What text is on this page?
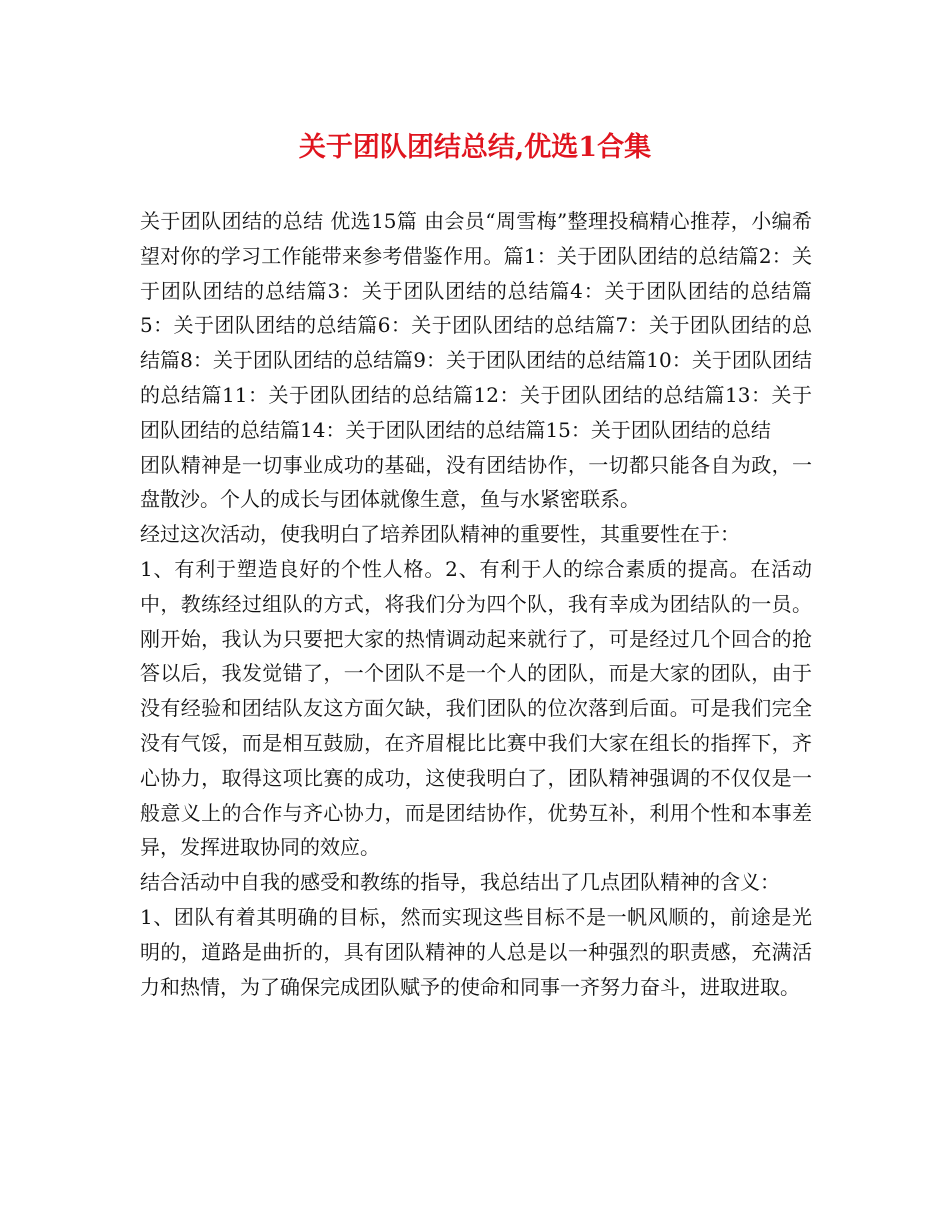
关于团队团结总结,优选1合集

关于团队团结的总结 优选15篇 由会员“周雪梅”整理投稿精心推荐，小编希望对你的学习工作能带来参考借鉴作用。篇1：关于团队团结的总结篇2：关于团队团结的总结篇3：关于团队团结的总结篇4：关于团队团结的总结篇5：关于团队团结的总结篇6：关于团队团结的总结篇7：关于团队团结的总结篇8：关于团队团结的总结篇9：关于团队团结的总结篇10：关于团队团结的总结篇11：关于团队团结的总结篇12：关于团队团结的总结篇13：关于团队团结的总结篇14：关于团队团结的总结篇15：关于团队团结的总结

团队精神是一切事业成功的基础，没有团结协作，一切都只能各自为政，一盘散沙。个人的成长与团体就像生意，鱼与水紧密联系。

经过这次活动，使我明白了培养团队精神的重要性，其重要性在于：

1、有利于塑造良好的个性人格。2、有利于人的综合素质的提高。在活动中，教练经过组队的方式，将我们分为四个队，我有幸成为团结队的一员。刚开始，我认为只要把大家的热情调动起来就行了，可是经过几个回合的抢答以后，我发觉错了，一个团队不是一个人的团队，而是大家的团队，由于没有经验和团结队友这方面欠缺，我们团队的位次落到后面。可是我们完全没有气馁，而是相互鼓励，在齐眉棍比比赛中我们大家在组长的指挥下，齐心协力，取得这项比赛的成功，这使我明白了，团队精神强调的不仅仅是一般意义上的合作与齐心协力，而是团结协作，优势互补，利用个性和本事差异，发挥进取协同的效应。

结合活动中自我的感受和教练的指导，我总结出了几点团队精神的含义：

1、团队有着其明确的目标，然而实现这些目标不是一帆风顺的，前途是光明的，道路是曲折的，具有团队精神的人总是以一种强烈的职责感，充满活力和热情，为了确保完成团队赋予的使命和同事一齐努力奋斗，进取进取。
